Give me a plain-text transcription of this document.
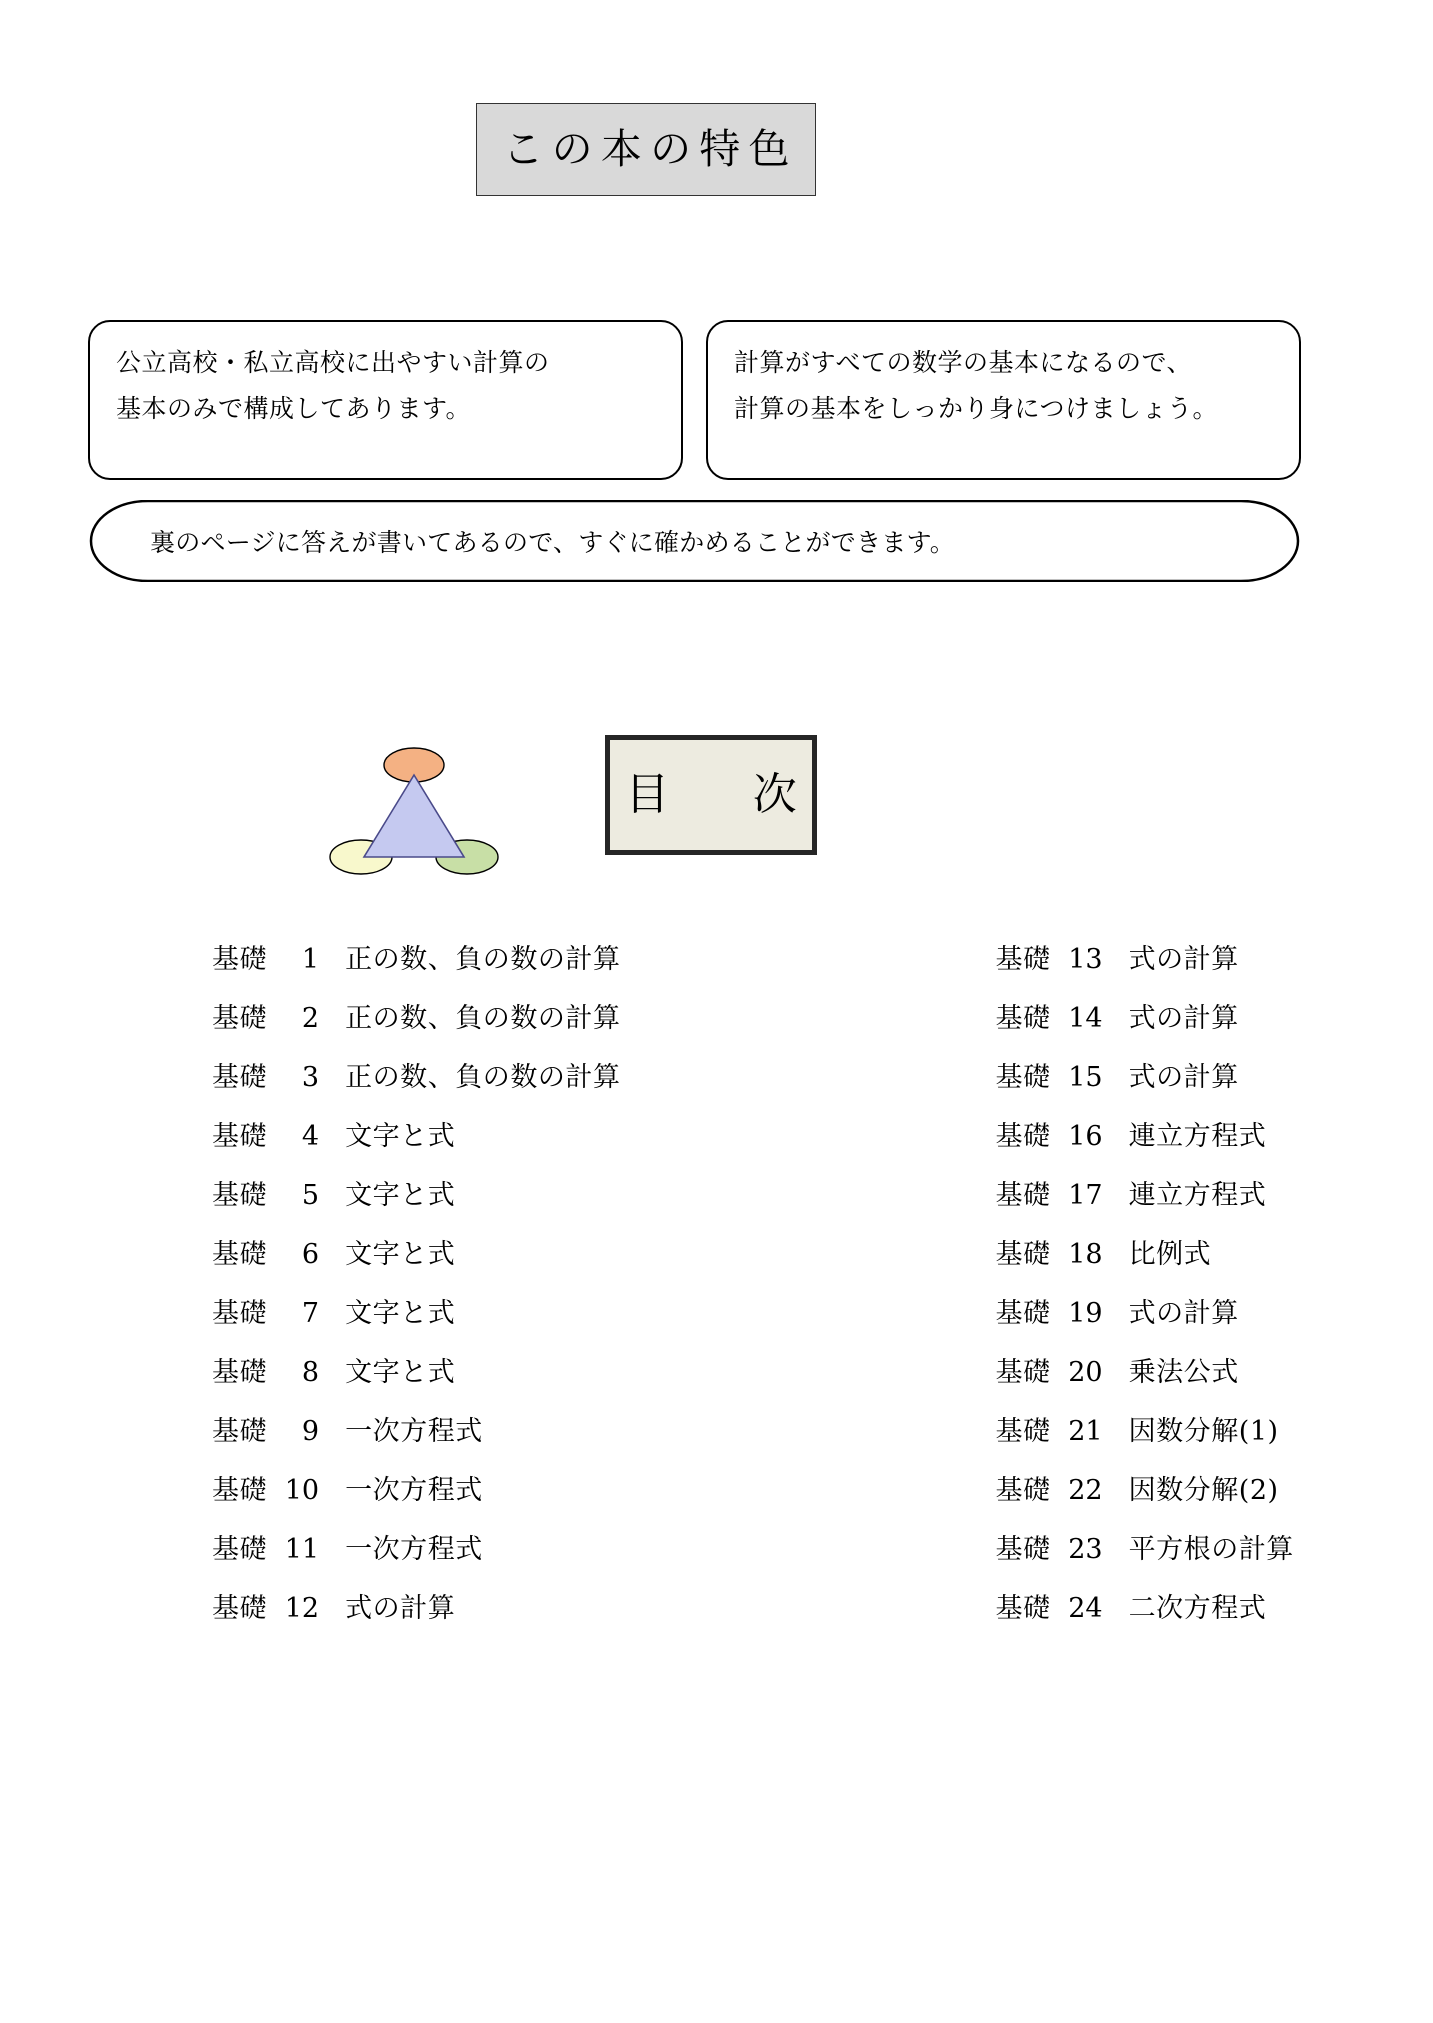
この本の特色

公立高校・私立高校に出やすい計算の

基本のみで構成してあります。

計算がすべての数学の基本になるので、

計算の基本をしっかり身につけましょう。

裏のページに答えが書いてあるので、すぐに確かめることができます。
目　次
基礎	1 正の数、負の数の計算
基礎	2 正の数、負の数の計算
基礎	3 正の数、負の数の計算
基礎	4 文字と式
基礎	5 文字と式
基礎	6 文字と式
基礎	7 文字と式
基礎	8 文字と式
基礎	9 一次方程式
基礎 10 一次方程式
基礎 11 一次方程式
基礎 12 式の計算
基礎 13 式の計算
基礎 14 式の計算
基礎 15 式の計算
基礎 16 連立方程式
基礎 17 連立方程式
基礎 18 比例式
基礎 19 式の計算
基礎 20 乗法公式
基礎 21 因数分解(1)
基礎 22 因数分解(2)
基礎 23 平方根の計算
基礎 24 二次方程式
